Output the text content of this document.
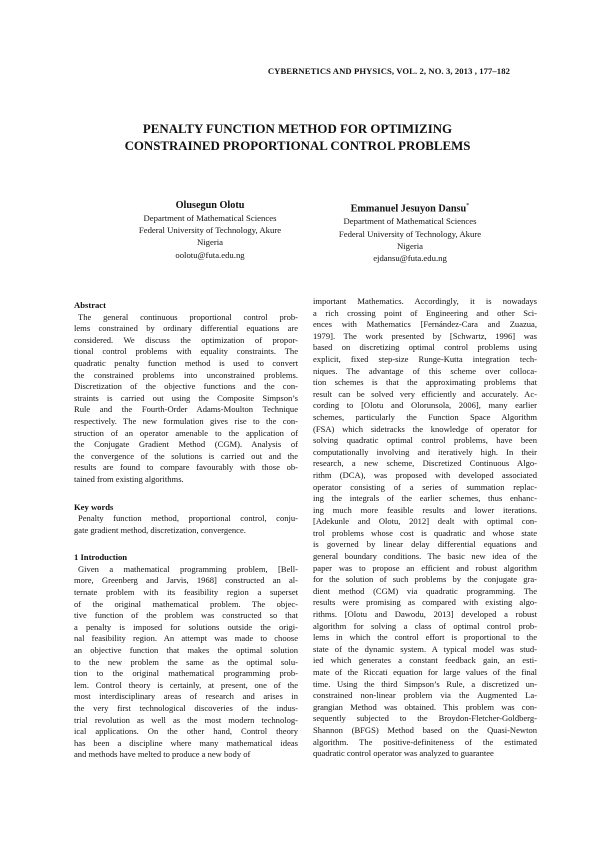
CYBERNETICS AND PHYSICS, VOL. 2, NO. 3, 2013 , 177–182
PENALTY FUNCTION METHOD FOR OPTIMIZING
CONSTRAINED PROPORTIONAL CONTROL PROBLEMS
Olusegun Olotu
Department of Mathematical Sciences
Federal University of Technology, Akure
Nigeria
oolotu@futa.edu.ng
Emmanuel Jesuyon Dansu*
Department of Mathematical Sciences
Federal University of Technology, Akure
Nigeria
ejdansu@futa.edu.ng
Abstract
The general continuous proportional control prob-
lems constrained by ordinary differential equations are
considered. We discuss the optimization of propor-
tional control problems with equality constraints. The
quadratic penalty function method is used to convert
the constrained problems into unconstrained problems.
Discretization of the objective functions and the con-
straints is carried out using the Composite Simpson’s
Rule and the Fourth-Order Adams-Moulton Technique
respectively. The new formulation gives rise to the con-
struction of an operator amenable to the application of
the Conjugate Gradient Method (CGM). Analysis of
the convergence of the solutions is carried out and the
results are found to compare favourably with those ob-
tained from existing algorithms.
Key words
Penalty function method, proportional control, conju-
gate gradient method, discretization, convergence.
1 Introduction
Given a mathematical programming problem, [Bell-
more, Greenberg and Jarvis, 1968] constructed an al-
ternate problem with its feasibility region a superset
of the original mathematical problem. The objec-
tive function of the problem was constructed so that
a penalty is imposed for solutions outside the origi-
nal feasibility region. An attempt was made to choose
an objective function that makes the optimal solution
to the new problem the same as the optimal solu-
tion to the original mathematical programming prob-
lem. Control theory is certainly, at present, one of the
most interdisciplinary areas of research and arises in
the very first technological discoveries of the indus-
trial revolution as well as the most modern technolog-
ical applications. On the other hand, Control theory
has been a discipline where many mathematical ideas
and methods have melted to produce a new body of
important Mathematics. Accordingly, it is nowadays
a rich crossing point of Engineering and other Sci-
ences with Mathematics [Fernández-Cara and Zuazua,
1979]. The work presented by [Schwartz, 1996] was
based on discretizing optimal control problems using
explicit, fixed step-size Runge-Kutta integration tech-
niques. The advantage of this scheme over colloca-
tion schemes is that the approximating problems that
result can be solved very efficiently and accurately. Ac-
cording to [Olotu and Olorunsola, 2006], many earlier
schemes, particularly the Function Space Algorithm
(FSA) which sidetracks the knowledge of operator for
solving quadratic optimal control problems, have been
computationally involving and iteratively high. In their
research, a new scheme, Discretized Continuous Algo-
rithm (DCA), was proposed with developed associated
operator consisting of a series of summation replac-
ing the integrals of the earlier schemes, thus enhanc-
ing much more feasible results and lower iterations.
[Adekunle and Olotu, 2012] dealt with optimal con-
trol problems whose cost is quadratic and whose state
is governed by linear delay differential equations and
general boundary conditions. The basic new idea of the
paper was to propose an efficient and robust algorithm
for the solution of such problems by the conjugate gra-
dient method (CGM) via quadratic programming. The
results were promising as compared with existing algo-
rithms. [Olotu and Dawodu, 2013] developed a robust
algorithm for solving a class of optimal control prob-
lems in which the control effort is proportional to the
state of the dynamic system. A typical model was stud-
ied which generates a constant feedback gain, an esti-
mate of the Riccati equation for large values of the final
time. Using the third Simpson’s Rule, a discretized un-
constrained non-linear problem via the Augmented La-
grangian Method was obtained. This problem was con-
sequently subjected to the Broydon-Fletcher-Goldberg-
Shannon (BFGS) Method based on the Quasi-Newton
algorithm. The positive-definiteness of the estimated
quadratic control operator was analyzed to guarantee
